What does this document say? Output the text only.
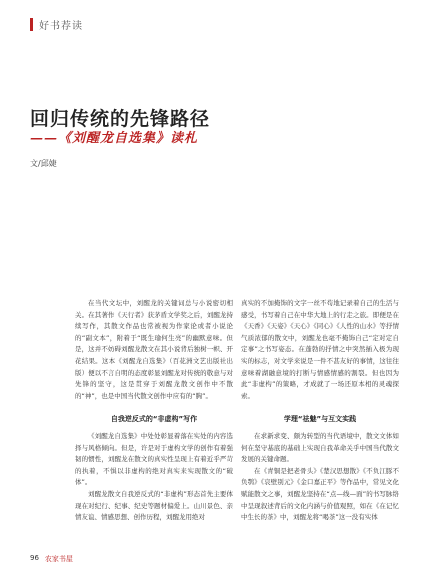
好书荐读
回归传统的先锋路径
——《刘醒龙自选集》读札
文/邱婕

在当代文坛中，刘醒龙的关键词总与小说密切相关。在其著作《天行者》获茅盾文学奖之后，刘醒龙持续写作，其散文作品也常被视为作家论或者小说论的“副文本”，附着于“既生瑜何生亮”的幽默意味。但是，这并不妨碍刘醒龙散文在其小说背后独树一帜、开花结果。这本《刘醒龙自选集》（百花洲文艺出版社出版）便以不言自明的态度彰显刘醒龙对传统的敬意与对先锋的坚守，这是贯穿于刘醒龙散文创作中不散的“神”，也是中国当代散文创作中应有的“胸”。

自我逆反式的“非虚构”写作

《刘醒龙自选集》中处处彰显着落在实处的内容选择与风格倾向。但是，许是对于虚构文学的创作有着强韧的惯性，刘醒龙在散文的真实性呈现上有着近乎严苛的执着，不惧以非虚构的绝对真实来实现散文的“破体”。

刘醒龙散文自我逆反式的“非虚构”形态首先主要体现在对纪行、纪事、纪史等题材偏爱上。山川景色、亲情友谊、情感思想、创作历程，刘醒龙用绝对

真实的不加掩饰的文字一丝不苟地记录着自己的生活与感受，书写着自己在中华大地上的行走之旅。即便是在《天香》《天姿》《天心》《同心》《人性的山水》等抒情气质浓郁的散文中，刘醒龙也毫不掩饰自己“定对定自定事”之书写姿态。在蓬勃的抒情之中突然插入极为现实的标志，对文学来说是一件不甚友好的事情，这往往意味着湖融意境的打断与情感情感的割裂。但也因为此“非虚构”的策略，才成就了一场还原本相的灵魂探索。

学理“祛魅”与互文实践

在求新求变、颇为转型的当代语境中，散文文体如何在坚守基底的基础上实现自我革命关乎中国当代散文发展的关键命题。

在《青铜是把老骨头》《楚汉思想散》《不负江豚不负鹗》《哀壁别元》《金口嘉正平》等作品中，常见文化赋能散文之事，刘醒龙坚持在“点—线—面”的书写脉络中呈现叙述背后的文化内涵与价值观照，如在《在记忆中生长的茶》中，刘醒龙将“喝茶”这一没有实体

96 农家书屋
